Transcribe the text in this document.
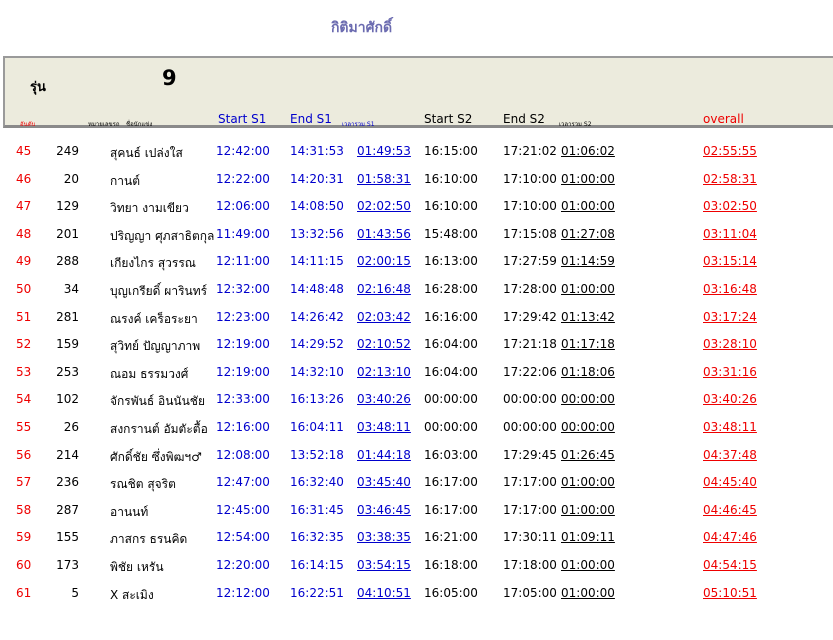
กิติมาศักดิ์
รุ่น	9
อันดับ	หมายเลขรถ ชื่อนักแข่ง	Start S1 End S1 เวลารวม S1	Start S2	End S2 เวลารวม S2	overall
45	249	สุคนธ์ เปล่งใส	12:42:00 14:31:53 01:49:53 16:15:00 17:21:02 01:06:02	02:55:55
46	20	กานต์	12:22:00 14:20:31 01:58:31 16:10:00 17:10:00 01:00:00	02:58:31
47	129	วิทยา งามเขียว 12:06:00 14:08:50 02:02:50 16:10:00 17:10:00 01:00:00	03:02:50
48	201	ปริญญา ศุภสาธิตกุล 11:49:00 13:32:56 01:43:56 15:48:00 17:15:08 01:27:08	03:11:04
49	288	เกียงไกร สุวรรณ 12:11:00 14:11:15 02:00:15 16:13:00 17:27:59 01:14:59	03:15:14
50	34	บุญเกรียดิ์ ผารินทร์ 12:32:00 14:48:48 02:16:48 16:28:00 17:28:00 01:00:00	03:16:48
51	281	ณรงค์ เคร็อระยา 12:23:00 14:26:42 02:03:42 16:16:00 17:29:42 01:13:42	03:17:24
52	159	สุวิทย์ ปัญญาภาพ 12:19:00 14:29:52 02:10:52 16:04:00 17:21:18 01:17:18	03:28:10
53	253	ณอม ธรรมวงศ์ 12:19:00 14:32:10 02:13:10 16:04:00 17:22:06 01:18:06	03:31:16
54	102	จักรพันธ์ อินนันชัย 12:33:00 16:13:26 03:40:26 00:00:00 00:00:00 00:00:00	03:40:26
55	26	สงกรานต์ อัมตัะตื้อ 12:16:00 16:04:11 03:48:11 00:00:00 00:00:00 00:00:00	03:48:11
56	214	ศักดิ์ชัย ซึ่งพิฒฯ♂ 12:08:00 13:52:18 01:44:18 16:03:00 17:29:45 01:26:45	04:37:48
57	236	รณชิต สุจริต	12:47:00 16:32:40 03:45:40 16:17:00 17:17:00 01:00:00	04:45:40
58	287	อานนท์	12:45:00 16:31:45 03:46:45 16:17:00 17:17:00 01:00:00	04:46:45
59	155	ภาสกร ธรนคิด 12:54:00 16:32:35 03:38:35 16:21:00 17:30:11 01:09:11	04:47:46
60	173	พิชัย เหรัน	12:20:00 16:14:15 03:54:15 16:18:00 17:18:00 01:00:00	04:54:15
61	5	X สะเมิง	12:12:00 16:22:51 04:10:51 16:05:00 17:05:00 01:00:00	05:10:51
